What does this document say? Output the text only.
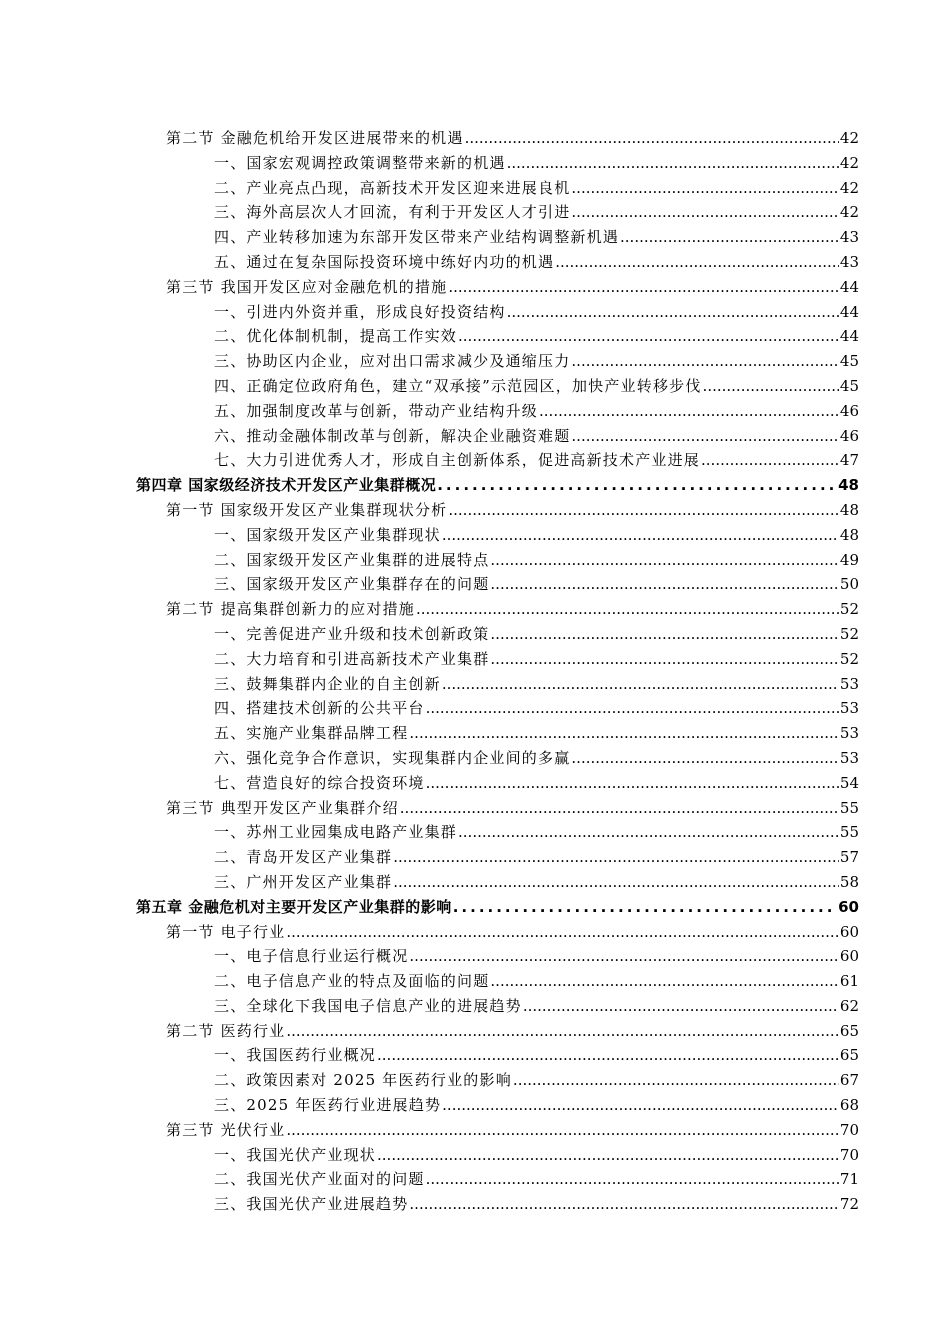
第二节 金融危机给开发区进展带来的机遇 .....	42
一、国家宏观调控政策调整带来新的机遇 .....	42
二、产业亮点凸现，高新技术开发区迎来进展良机 .....	42
三、海外高层次人才回流，有利于开发区人才引进 .....	42
四、产业转移加速为东部开发区带来产业结构调整新机遇 .....	43
五、通过在复杂国际投资环境中练好内功的机遇 .....	43
第三节 我国开发区应对金融危机的措施 .....	44
一、引进内外资并重，形成良好投资结构 .....	44
二、优化体制机制，提高工作实效 .....	44
三、协助区内企业，应对出口需求减少及通缩压力 .....	45
四、正确定位政府角色，建立“双承接”示范园区，加快产业转移步伐 .....	45
五、加强制度改革与创新，带动产业结构升级 .....	46
六、推动金融体制改革与创新，解决企业融资难题 .....	46
七、大力引进优秀人才，形成自主创新体系，促进高新技术产业进展 .....	47
第四章 国家级经济技术开发区产业集群概况 .....	48
第一节 国家级开发区产业集群现状分析 .....	48
一、国家级开发区产业集群现状 .....	48
二、国家级开发区产业集群的进展特点 .....	49
三、国家级开发区产业集群存在的问题 .....	50
第二节 提高集群创新力的应对措施 .....	52
一、完善促进产业升级和技术创新政策 .....	52
二、大力培育和引进高新技术产业集群 .....	52
三、鼓舞集群内企业的自主创新 .....	53
四、搭建技术创新的公共平台 .....	53
五、实施产业集群品牌工程 .....	53
六、强化竞争合作意识，实现集群内企业间的多赢 .....	53
七、营造良好的综合投资环境 .....	54
第三节 典型开发区产业集群介绍 .....	55
一、苏州工业园集成电路产业集群 .....	55
二、青岛开发区产业集群 .....	57
三、广州开发区产业集群 .....	58
第五章 金融危机对主要开发区产业集群的影响 .....	60
第一节 电子行业 .....	60
一、电子信息行业运行概况 .....	60
二、电子信息产业的特点及面临的问题 .....	61
三、全球化下我国电子信息产业的进展趋势 .....	62
第二节 医药行业 .....	65
一、我国医药行业概况 .....	65
二、政策因素对 2025 年医药行业的影响 .....	67
三、2025 年医药行业进展趋势 .....	68
第三节 光伏行业 .....	70
一、我国光伏产业现状 .....	70
二、我国光伏产业面对的问题 .....	71
三、我国光伏产业进展趋势 .....	72
